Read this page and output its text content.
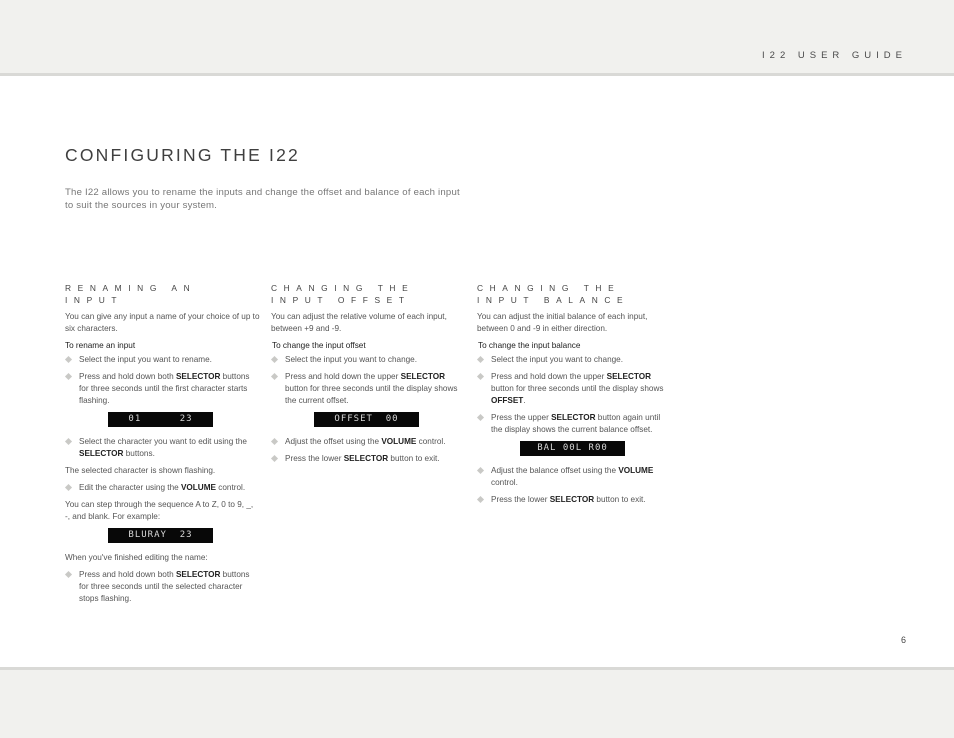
I22 USER GUIDE
CONFIGURING THE I22

The I22 allows you to rename the inputs and change the offset and balance of each input to suit the sources in your system.

RENAMING AN INPUT

You can give any input a name of your choice of up to six characters.

To rename an input

Select the input you want to rename.
Press and hold down both SELECTOR buttons for three seconds until the first character starts flashing.
01      23
Select the character you want to edit using the SELECTOR buttons.

The selected character is shown flashing.

Edit the character using the VOLUME control.

You can step through the sequence A to Z, 0 to 9, _, -, and blank. For example:

BLURAY  23

When you've finished editing the name:

Press and hold down both SELECTOR buttons for three seconds until the selected character stops flashing.
CHANGING THE INPUT OFFSET

You can adjust the relative volume of each input, between +9 and -9.

To change the input offset

Select the input you want to change.
Press and hold down the upper SELECTOR button for three seconds until the display shows the current offset.
OFFSET  00
Adjust the offset using the VOLUME control.
Press the lower SELECTOR button to exit.
CHANGING THE INPUT BALANCE

You can adjust the initial balance of each input, between 0 and -9 in either direction.

To change the input balance

Select the input you want to change.
Press and hold down the upper SELECTOR button for three seconds until the display shows OFFSET.
Press the upper SELECTOR button again until the display shows the current balance offset.
BAL 00L R00
Adjust the balance offset using the VOLUME control.
Press the lower SELECTOR button to exit.
6
